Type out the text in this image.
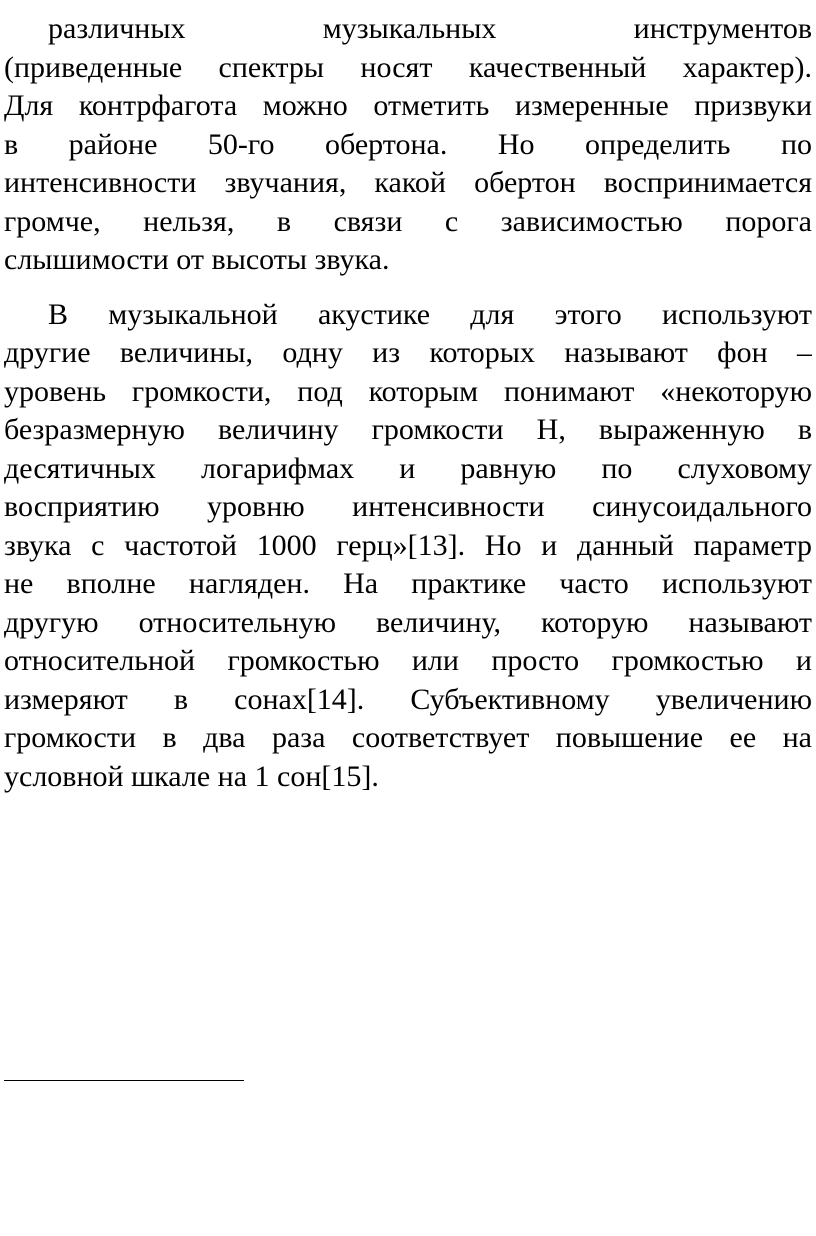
различных музыкальных инструментов
(приведенные спектры носят качественный характер).
Для контрфагота можно отметить измеренные призвуки
в районе 50-го обертона. Но определить по
интенсивности звучания, какой обертон воспринимается
громче, нельзя, в связи с зависимостью порога
слышимости от высоты звука.
В музыкальной акустике для этого используют
другие величины, одну из которых называют фон –
уровень громкости, под которым понимают «некоторую
безразмерную величину громкости Н, выраженную в
десятичных логарифмах и равную по слуховому
восприятию уровню интенсивности синусоидального
звука с частотой 1000 герц»[13]. Но и данный параметр
не вполне нагляден. На практике часто используют
другую относительную величину, которую называют
относительной громкостью или просто громкостью и
измеряют в сонах[14]. Субъективному увеличению
громкости в два раза соответствует повышение ее на
условной шкале на 1 сон[15].
